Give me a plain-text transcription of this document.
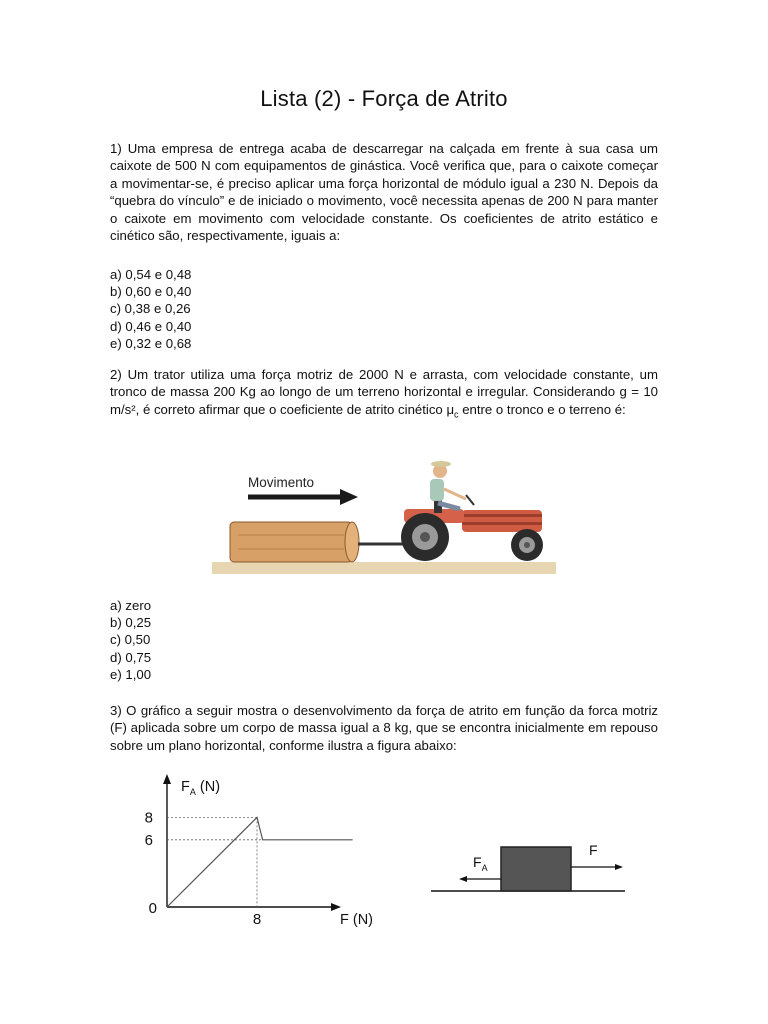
Lista (2) - Força de Atrito
1) Uma empresa de entrega acaba de descarregar na calçada em frente à sua casa um caixote de 500 N com equipamentos de ginástica. Você verifica que, para o caixote começar a movimentar-se, é preciso aplicar uma força horizontal de módulo igual a 230 N. Depois da “quebra do vínculo” e de iniciado o movimento, você necessita apenas de 200 N para manter o caixote em movimento com velocidade constante. Os coeficientes de atrito estático e cinético são, respectivamente, iguais a:
a) 0,54 e 0,48
b) 0,60 e 0,40
c) 0,38 e 0,26
d) 0,46 e 0,40
e) 0,32 e 0,68
2) Um trator utiliza uma força motriz de 2000 N e arrasta, com velocidade constante, um tronco de massa 200 Kg ao longo de um terreno horizontal e irregular. Considerando g = 10 m/s², é correto afirmar que o coeficiente de atrito cinético $\mu_c$ entre o tronco e o terreno é:
Movimento
a) zero
b) 0,25
c) 0,50
d) 0,75
e) 1,00
3) O gráfico a seguir mostra o desenvolvimento da força de atrito em função da forca motriz (F) aplicada sobre um corpo de massa igual a 8 kg, que se encontra inicialmente em repouso sobre um plano horizontal, conforme ilustra a figura abaixo:
8
6
8
0
$F_A$ (N)
F (N)
F
$F_A$
